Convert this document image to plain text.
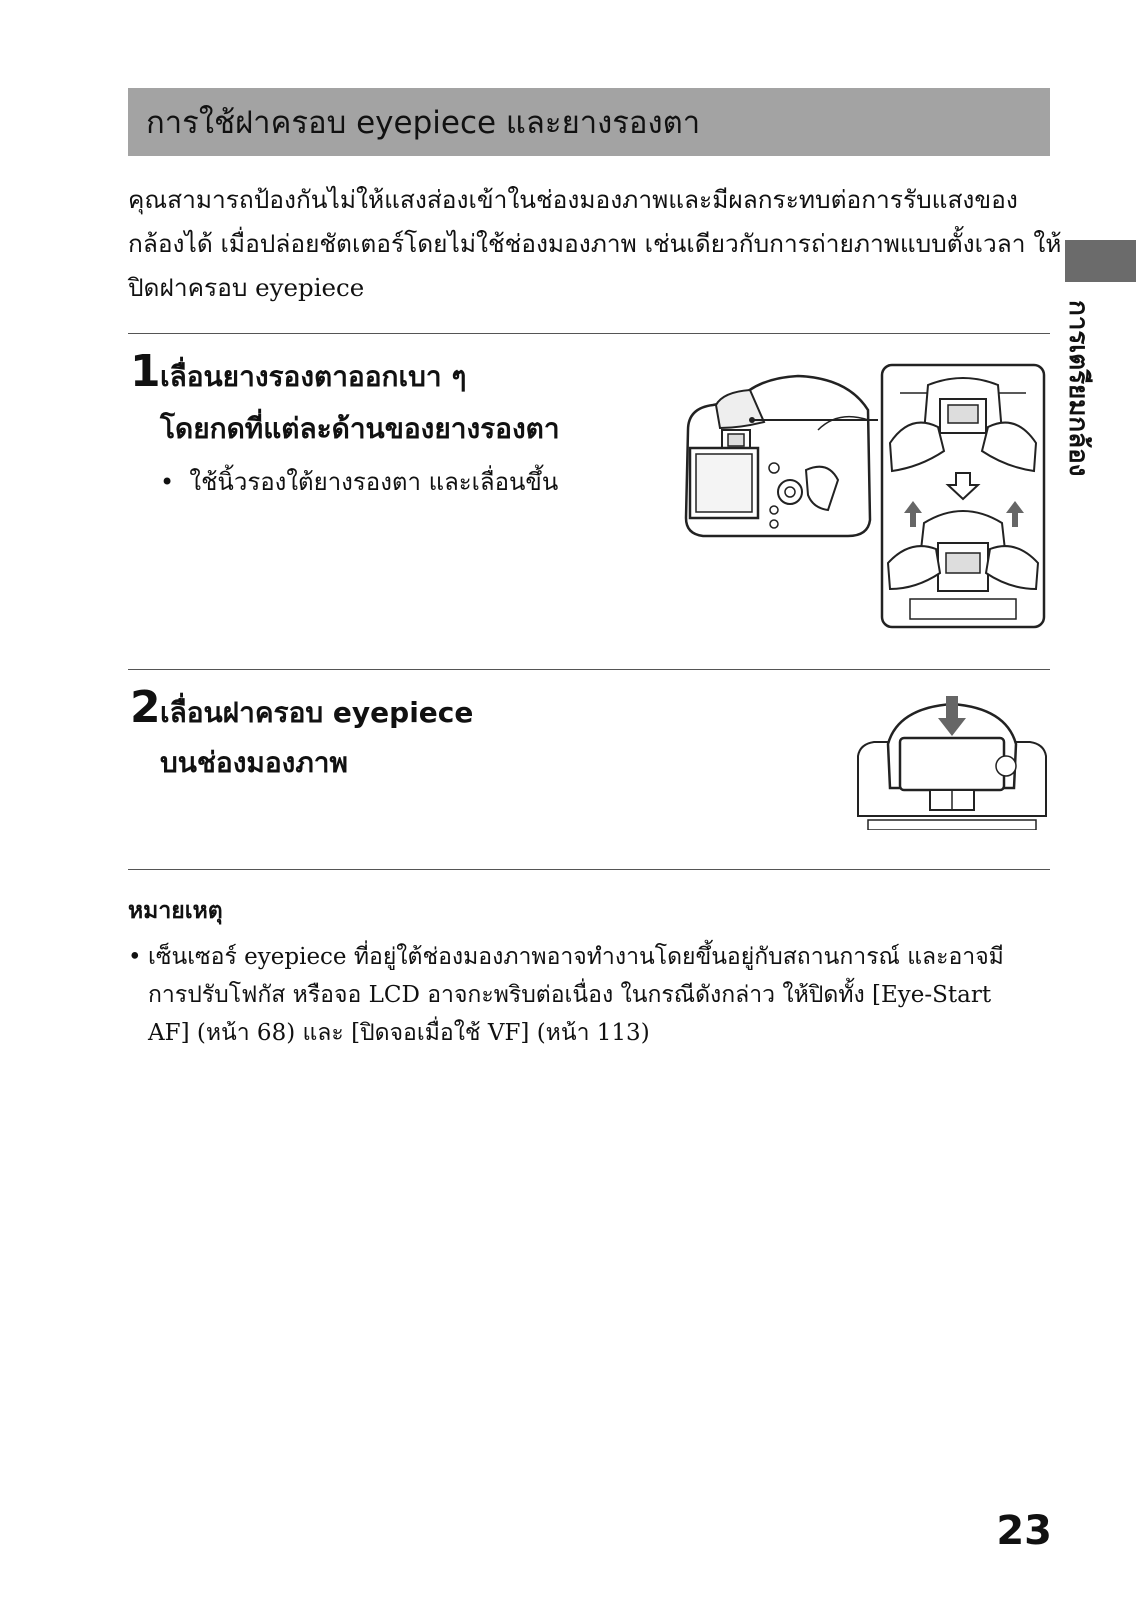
การใช้ฝาครอบ eyepiece และยางรองตา
คุณสามารถป้องกันไม่ให้แสงส่องเข้าในช่องมองภาพและมีผลกระทบต่อการรับแสงของกล้องได้ เมื่อปล่อยชัตเตอร์โดยไม่ใช้ช่องมองภาพ เช่นเดียวกับการถ่ายภาพแบบตั้งเวลา ให้ปิดฝาครอบ eyepiece
การเตรียมกล้อง
1 เลื่อนยางรองตาออกเบา ๆ
โดยกดที่แต่ละด้านของยางรองตา
•  ใช้นิ้วรองใต้ยางรองตา และเลื่อนขึ้น
2 เลื่อนฝาครอบ eyepiece
บนช่องมองภาพ
หมายเหตุ
• เซ็นเซอร์ eyepiece ที่อยู่ใต้ช่องมองภาพอาจทำงานโดยขึ้นอยู่กับสถานการณ์ และอาจมีการปรับโฟกัส หรือจอ LCD อาจกะพริบต่อเนื่อง ในกรณีดังกล่าว ให้ปิดทั้ง [Eye-Start AF] (หน้า 68) และ [ปิดจอเมื่อใช้ VF] (หน้า 113)
23
